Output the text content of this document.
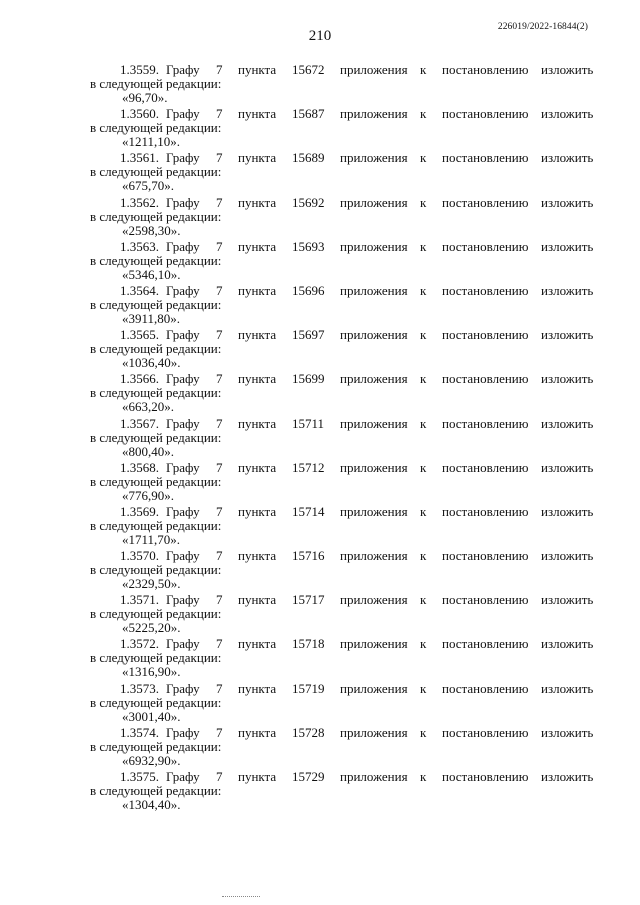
210
226019/2022-16844(2)
1.3559. Графу 7 пункта 15672 приложения к постановлению изложить
в следующей редакции:
«96,70».
1.3560. Графу 7 пункта 15687 приложения к постановлению изложить
в следующей редакции:
«1211,10».
1.3561. Графу 7 пункта 15689 приложения к постановлению изложить
в следующей редакции:
«675,70».
1.3562. Графу 7 пункта 15692 приложения к постановлению изложить
в следующей редакции:
«2598,30».
1.3563. Графу 7 пункта 15693 приложения к постановлению изложить
в следующей редакции:
«5346,10».
1.3564. Графу 7 пункта 15696 приложения к постановлению изложить
в следующей редакции:
«3911,80».
1.3565. Графу 7 пункта 15697 приложения к постановлению изложить
в следующей редакции:
«1036,40».
1.3566. Графу 7 пункта 15699 приложения к постановлению изложить
в следующей редакции:
«663,20».
1.3567. Графу 7 пункта 15711 приложения к постановлению изложить
в следующей редакции:
«800,40».
1.3568. Графу 7 пункта 15712 приложения к постановлению изложить
в следующей редакции:
«776,90».
1.3569. Графу 7 пункта 15714 приложения к постановлению изложить
в следующей редакции:
«1711,70».
1.3570. Графу 7 пункта 15716 приложения к постановлению изложить
в следующей редакции:
«2329,50».
1.3571. Графу 7 пункта 15717 приложения к постановлению изложить
в следующей редакции:
«5225,20».
1.3572. Графу 7 пункта 15718 приложения к постановлению изложить
в следующей редакции:
«1316,90».
1.3573. Графу 7 пункта 15719 приложения к постановлению изложить
в следующей редакции:
«3001,40».
1.3574. Графу 7 пункта 15728 приложения к постановлению изложить
в следующей редакции:
«6932,90».
1.3575. Графу 7 пункта 15729 приложения к постановлению изложить
в следующей редакции:
«1304,40».
